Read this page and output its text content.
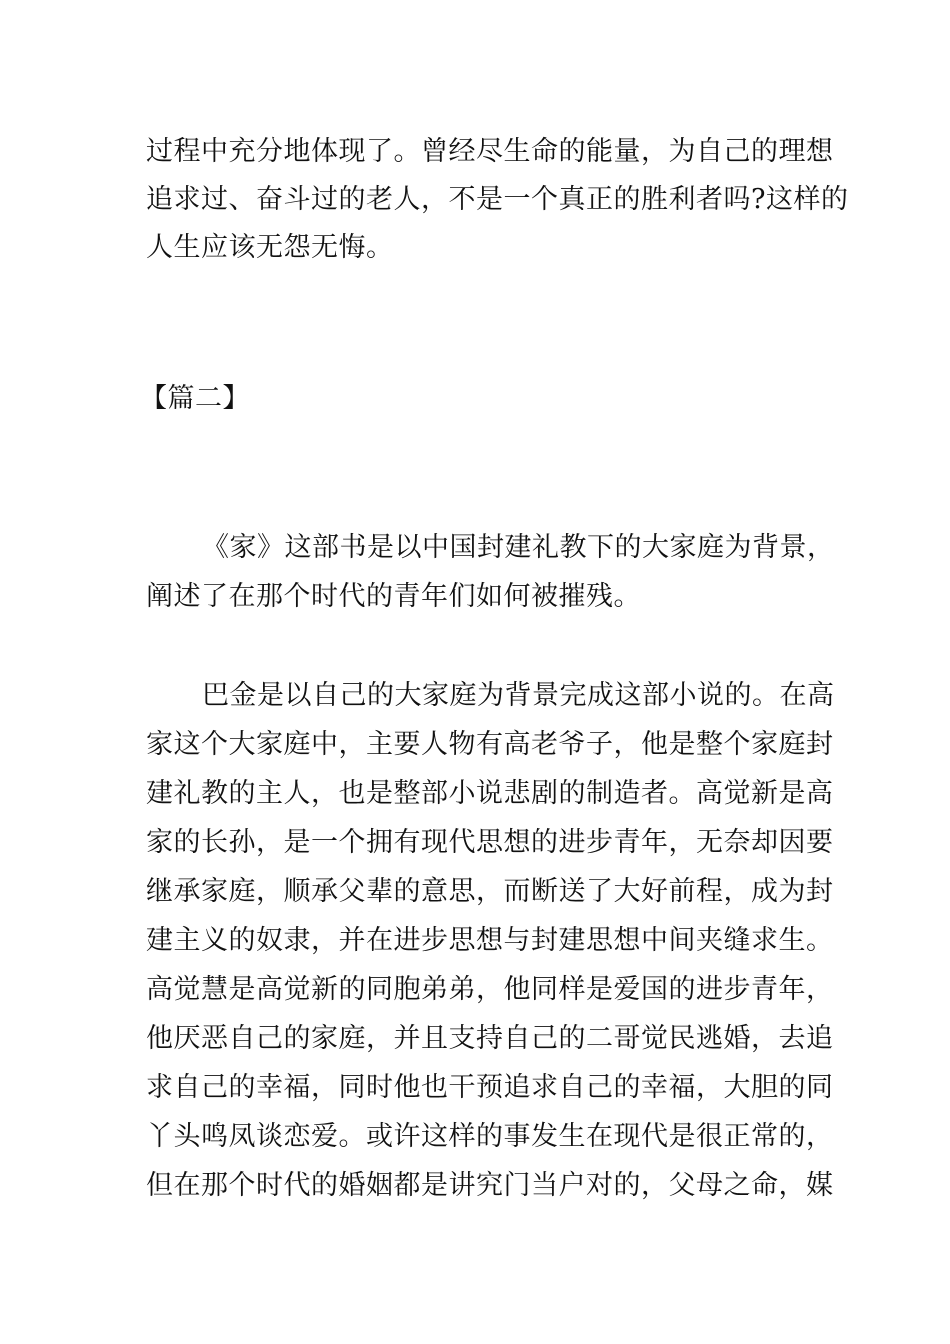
过程中充分地体现了。曾经尽生命的能量，为自己的理想
追求过、奋斗过的老人，不是一个真正的胜利者吗?这样的
人生应该无怨无悔。
【篇二】
《家》这部书是以中国封建礼教下的大家庭为背景，
阐述了在那个时代的青年们如何被摧残。
巴金是以自己的大家庭为背景完成这部小说的。在高
家这个大家庭中，主要人物有高老爷子，他是整个家庭封
建礼教的主人，也是整部小说悲剧的制造者。高觉新是高
家的长孙，是一个拥有现代思想的进步青年，无奈却因要
继承家庭，顺承父辈的意思，而断送了大好前程，成为封
建主义的奴隶，并在进步思想与封建思想中间夹缝求生。
高觉慧是高觉新的同胞弟弟，他同样是爱国的进步青年，
他厌恶自己的家庭，并且支持自己的二哥觉民逃婚，去追
求自己的幸福，同时他也干预追求自己的幸福，大胆的同
丫头鸣凤谈恋爱。或许这样的事发生在现代是很正常的，
但在那个时代的婚姻都是讲究门当户对的，父母之命，媒
